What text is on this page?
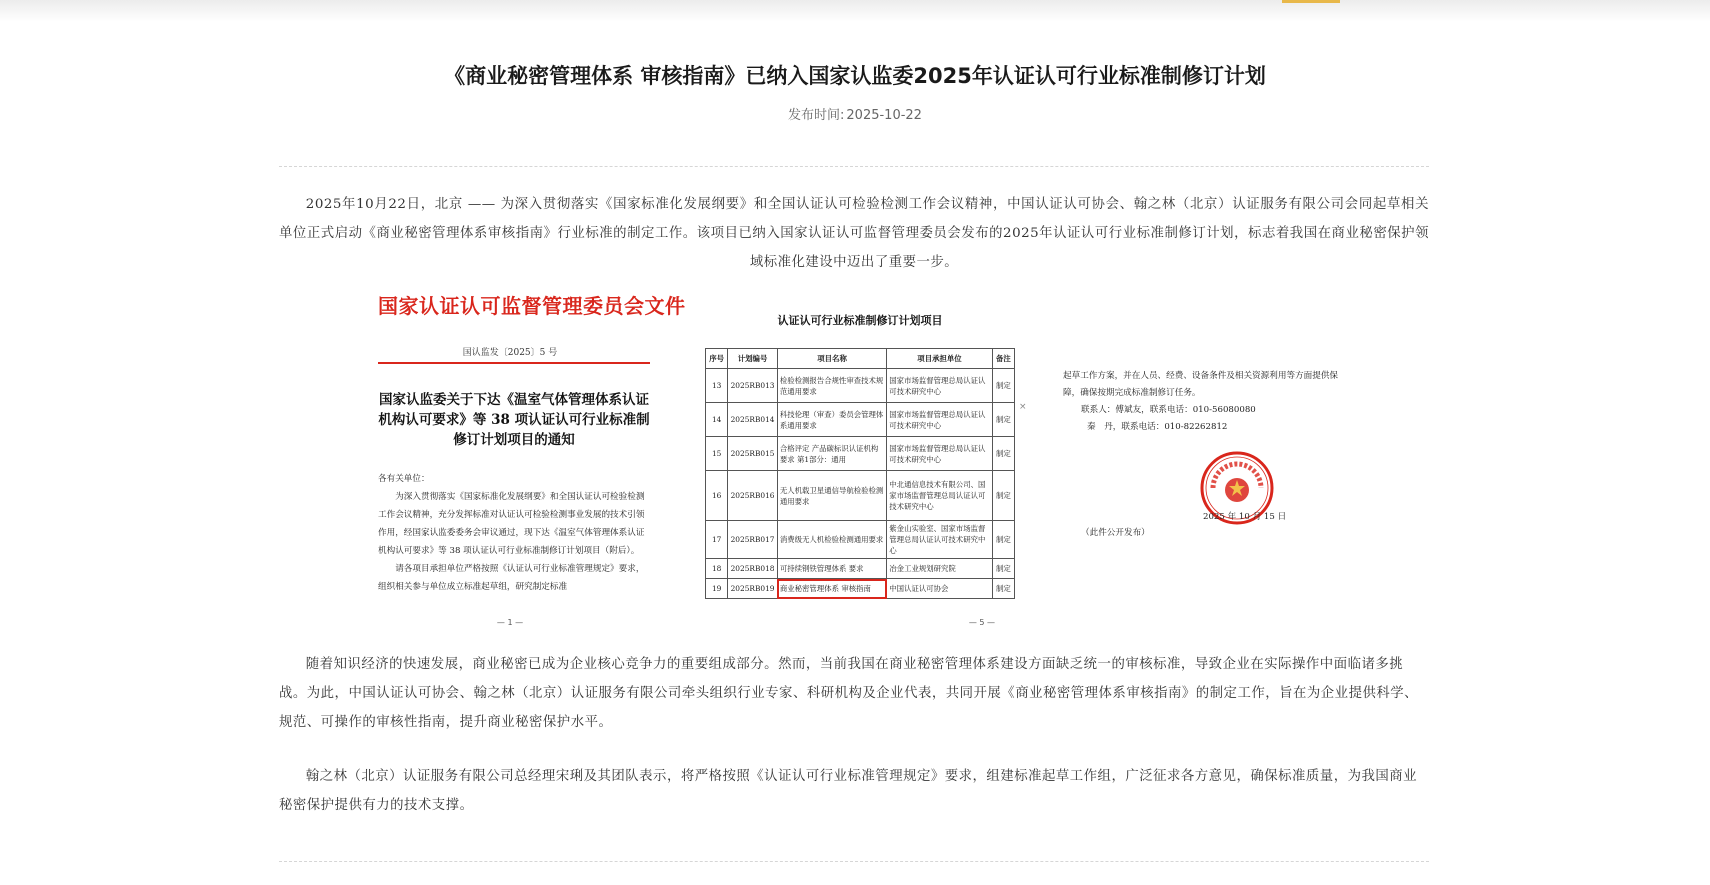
《商业秘密管理体系 审核指南》已纳入国家认监委2025年认证认可行业标准制修订计划
发布时间: 2025-10-22

2025年10月22日，北京 —— 为深入贯彻落实《国家标准化发展纲要》和全国认证认可检验检测工作会议精神，中国认证认可协会、翰之林（北京）认证服务有限公司会同起草相关单位正式启动《商业秘密管理体系审核指南》行业标准的制定工作。该项目已纳入国家认证认可监督管理委员会发布的2025年认证认可行业标准制修订计划，标志着我国在商业秘密保护领域标准化建设中迈出了重要一步。

国家认证认可监督管理委员会文件
国认监发〔2025〕5 号
国家认监委关于下达《温室气体管理体系认证机构认可要求》等 38 项认证认可行业标准制修订计划项目的通知

各有关单位：

为深入贯彻落实《国家标准化发展纲要》和全国认证认可检验检测工作会议精神，充分发挥标准对认证认可检验检测事业发展的技术引领作用，经国家认监委委务会审议通过，现下达《温室气体管理体系认证机构认可要求》等 38 项认证认可行业标准制修订计划项目（附后）。

请各项目承担单位严格按照《认证认可行业标准管理规定》要求，组织相关参与单位成立标准起草组，研究制定标准

— 1 —
认证认可行业标准制修订计划项目
序号	计划编号	项目名称	项目承担单位	备注
13	2025RB013	检验检测报告合规性审查技术规范通用要求	国家市场监督管理总局认证认可技术研究中心	制定
14	2025RB014	科技伦理（审查）委员会管理体系通用要求	国家市场监督管理总局认证认可技术研究中心	制定
15	2025RB015	合格评定 产品碳标识认证机构要求 第1部分：通用	国家市场监督管理总局认证认可技术研究中心	制定
16	2025RB016	无人机载卫星通信导航检验检测通用要求	中北通信息技术有限公司、国家市场监督管理总局认证认可技术研究中心	制定
17	2025RB017	消费级无人机检验检测通用要求	紫金山实验室、国家市场监督管理总局认证认可技术研究中心	制定
18	2025RB018	可持续钢铁管理体系 要求	冶金工业规划研究院	制定
19	2025RB019	商业秘密管理体系 审核指南	中国认证认可协会	制定
×
— 5 —

起草工作方案，并在人员、经费、设备条件及相关资源利用等方面提供保障，确保按期完成标准制修订任务。

联系人：傅斌友，联系电话：010-56080080

秦　丹，联系电话：010-82262812

2025 年 10 月 15 日
（此件公开发布）

随着知识经济的快速发展，商业秘密已成为企业核心竞争力的重要组成部分。然而，当前我国在商业秘密管理体系建设方面缺乏统一的审核标准，导致企业在实际操作中面临诸多挑战。为此，中国认证认可协会、翰之林（北京）认证服务有限公司牵头组织行业专家、科研机构及企业代表，共同开展《商业秘密管理体系审核指南》的制定工作，旨在为企业提供科学、规范、可操作的审核性指南，提升商业秘密保护水平。

翰之林（北京）认证服务有限公司总经理宋琍及其团队表示，将严格按照《认证认可行业标准管理规定》要求，组建标准起草工作组，广泛征求各方意见，确保标准质量，为我国商业秘密保护提供有力的技术支撑。
